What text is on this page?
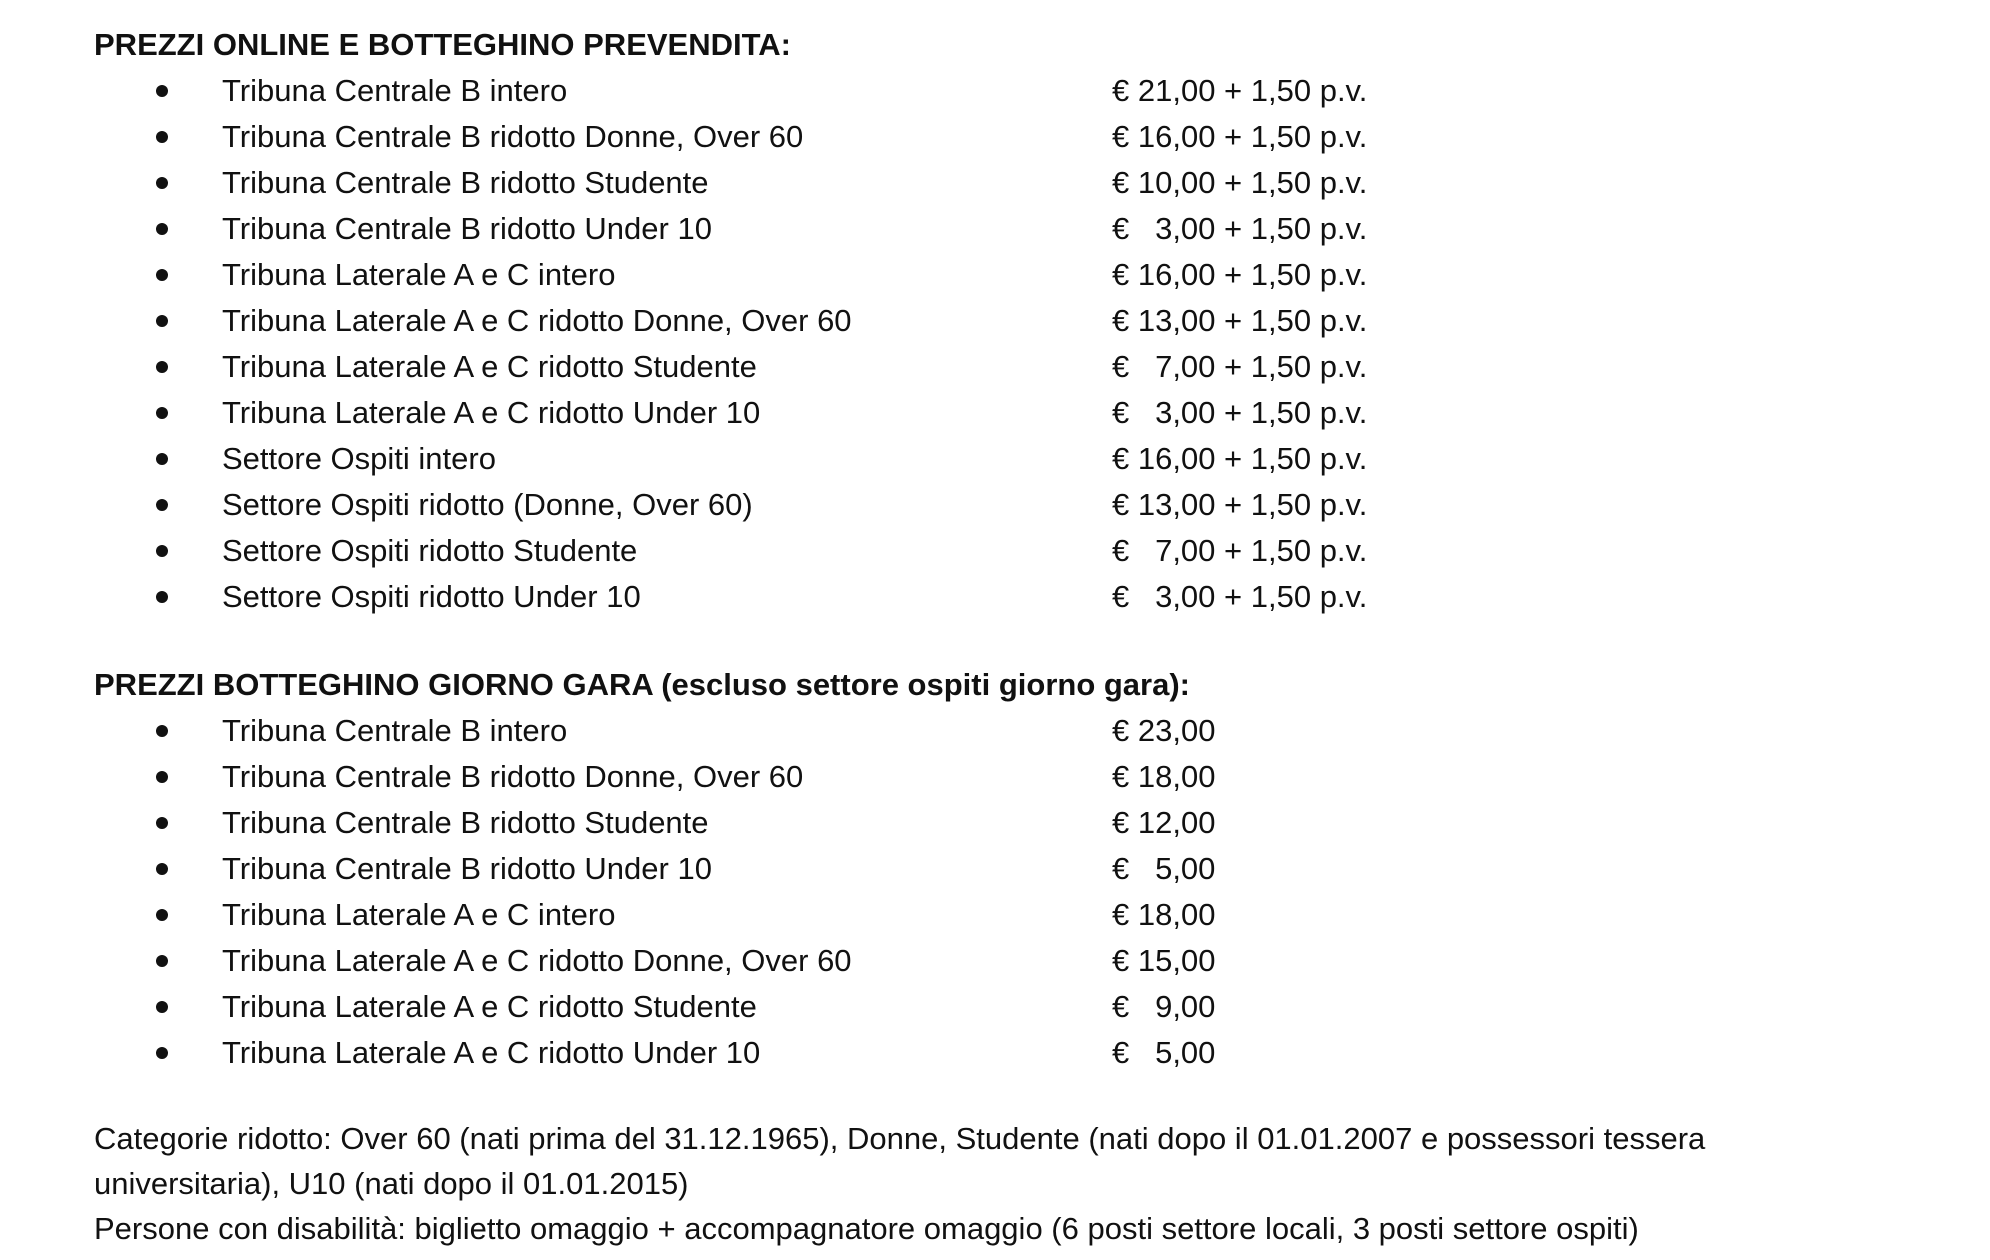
PREZZI ONLINE E BOTTEGHINO PREVENDITA:
Tribuna Centrale B intero	€ 21,00 + 1,50 p.v.
Tribuna Centrale B ridotto Donne, Over 60	€ 16,00 + 1,50 p.v.
Tribuna Centrale B ridotto Studente	€ 10,00 + 1,50 p.v.
Tribuna Centrale B ridotto Under 10	€   3,00 + 1,50 p.v.
Tribuna Laterale A e C intero	€ 16,00 + 1,50 p.v.
Tribuna Laterale A e C ridotto Donne, Over 60	€ 13,00 + 1,50 p.v.
Tribuna Laterale A e C ridotto Studente	€   7,00 + 1,50 p.v.
Tribuna Laterale A e C ridotto Under 10	€   3,00 + 1,50 p.v.
Settore Ospiti intero	€ 16,00 + 1,50 p.v.
Settore Ospiti ridotto (Donne, Over 60)	€ 13,00 + 1,50 p.v.
Settore Ospiti ridotto Studente	€   7,00 + 1,50 p.v.
Settore Ospiti ridotto Under 10	€   3,00 + 1,50 p.v.
PREZZI BOTTEGHINO GIORNO GARA (escluso settore ospiti giorno gara):
Tribuna Centrale B intero	€ 23,00
Tribuna Centrale B ridotto Donne, Over 60	€ 18,00
Tribuna Centrale B ridotto Studente	€ 12,00
Tribuna Centrale B ridotto Under 10	€   5,00
Tribuna Laterale A e C intero	€ 18,00
Tribuna Laterale A e C ridotto Donne, Over 60	€ 15,00
Tribuna Laterale A e C ridotto Studente	€   9,00
Tribuna Laterale A e C ridotto Under 10	€   5,00

Categorie ridotto: Over 60 (nati prima del 31.12.1965), Donne, Studente (nati dopo il 01.01.2007 e possessori tessera universitaria), U10 (nati dopo il 01.01.2015)

Persone con disabilità: biglietto omaggio + accompagnatore omaggio (6 posti settore locali, 3 posti settore ospiti)
